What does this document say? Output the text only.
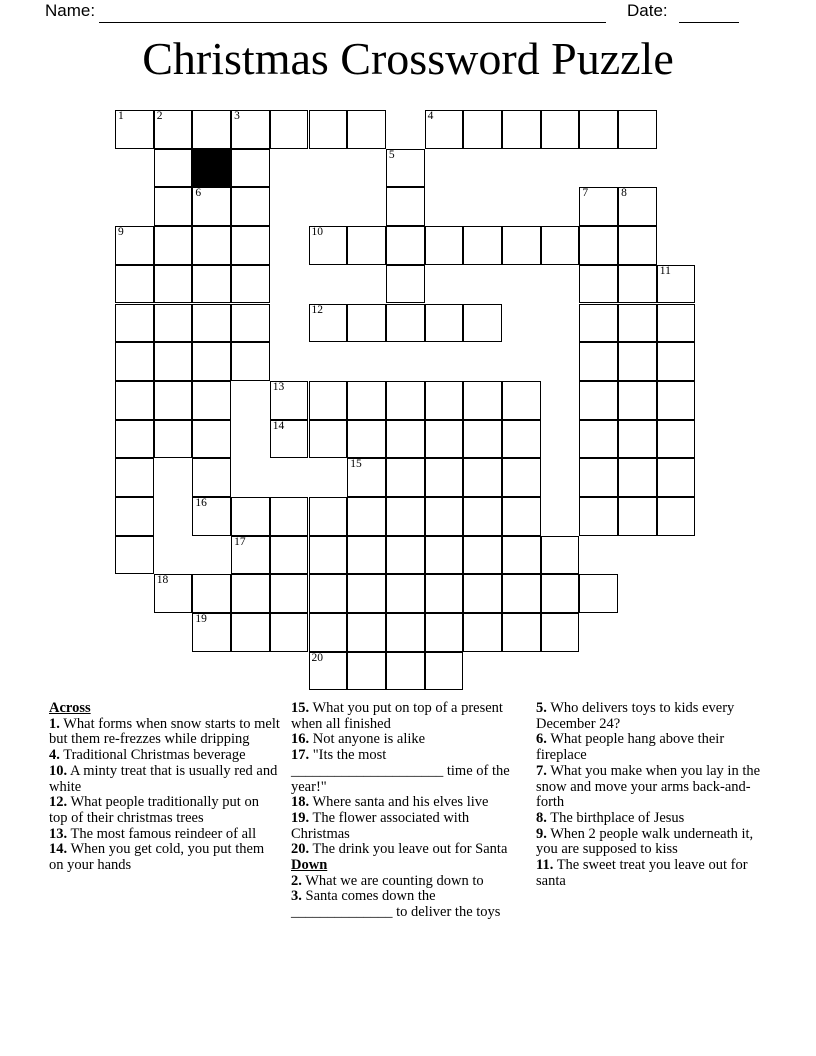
Name:	Date:
Christmas Crossword Puzzle
1	2	3	4
5
6	7	8
9	10
11
12
13
14
15
16
17
18
19
20
Across
1. What forms when snow starts to melt but them re-frezzes while dripping
4. Traditional Christmas beverage
10. A minty treat that is usually red and white
12. What people traditionally put on top of their christmas trees
13. The most famous reindeer of all
14. When you get cold, you put them on your hands
15. What you put on top of a present when all finished
16. Not anyone is alike
17. "Its the most _____________________ time of the year!"
18. Where santa and his elves live
19. The flower associated with Christmas
20. The drink you leave out for Santa
Down
2. What we are counting down to
3. Santa comes down the ______________ to deliver the toys
5. Who delivers toys to kids every December 24?
6. What people hang above their fireplace
7. What you make when you lay in the snow and move your arms back-and-forth
8. The birthplace of Jesus
9. When 2 people walk underneath it, you are supposed to kiss
11. The sweet treat you leave out for santa
